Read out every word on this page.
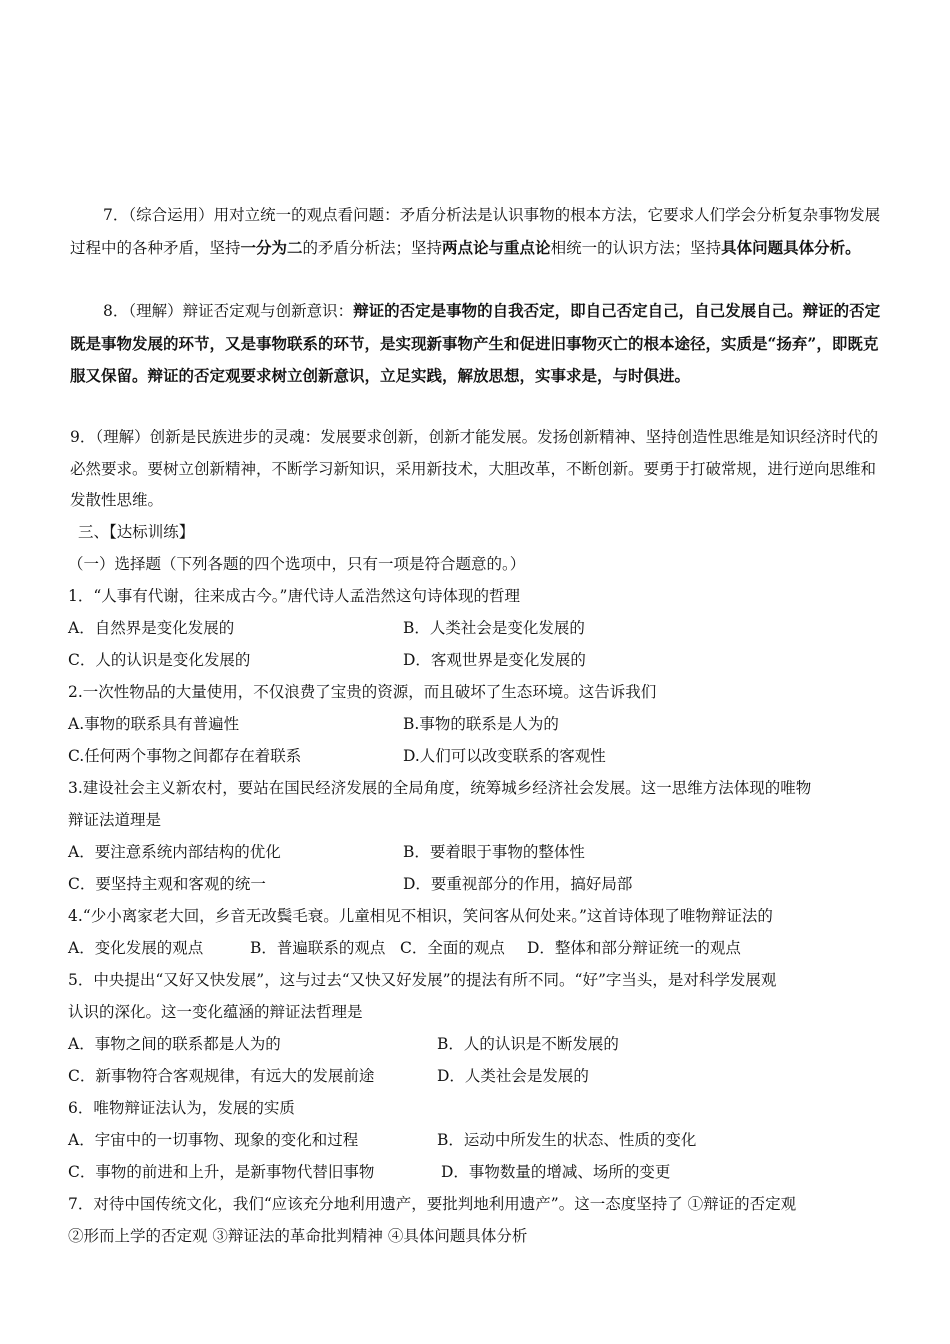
7．（综合运用）用对立统一的观点看问题：矛盾分析法是认识事物的根本方法，它要求人们学会分析复杂事物发展过程中的各种矛盾，坚持一分为二的矛盾分析法；坚持两点论与重点论相统一的认识方法；坚持具体问题具体分析。

8．（理解）辩证否定观与创新意识：辩证的否定是事物的自我否定，即自己否定自己，自己发展自己。辩证的否定既是事物发展的环节，又是事物联系的环节，是实现新事物产生和促进旧事物灭亡的根本途径，实质是“扬弃”，即既克服又保留。辩证的否定观要求树立创新意识，立足实践，解放思想，实事求是，与时俱进。

9．（理解）创新是民族进步的灵魂：发展要求创新，创新才能发展。发扬创新精神、坚持创造性思维是知识经济时代的必然要求。要树立创新精神，不断学习新知识，采用新技术，大胆改革，不断创新。要勇于打破常规，进行逆向思维和发散性思维。

三、【达标训练】
（一）选择题（下列各题的四个选项中，只有一项是符合题意的。）
1．“人事有代谢，往来成古今。”唐代诗人孟浩然这句诗体现的哲理
A．自然界是变化发展的	B．人类社会是变化发展的
C．人的认识是变化发展的	D．客观世界是变化发展的
2.一次性物品的大量使用，不仅浪费了宝贵的资源，而且破坏了生态环境。这告诉我们
A.事物的联系具有普遍性	B.事物的联系是人为的
C.任何两个事物之间都存在着联系	D.人们可以改变联系的客观性
3.建设社会主义新农村，要站在国民经济发展的全局角度，统筹城乡经济社会发展。这一思维方法体现的唯物
辩证法道理是
A．要注意系统内部结构的优化	B．要着眼于事物的整体性
C．要坚持主观和客观的统一	D．要重视部分的作用，搞好局部
4.“少小离家老大回，乡音无改鬓毛衰。儿童相见不相识，笑问客从何处来。”这首诗体现了唯物辩证法的
A．变化发展的观点	B．普遍联系的观点 C．全面的观点 D．整体和部分辩证统一的观点
5．中央提出“又好又快发展”，这与过去“又快又好发展”的提法有所不同。“好”字当头，是对科学发展观
认识的深化。这一变化蕴涵的辩证法哲理是
A．事物之间的联系都是人为的	B．人的认识是不断发展的
C．新事物符合客观规律，有远大的发展前途	D．人类社会是发展的
6．唯物辩证法认为，发展的实质
A．宇宙中的一切事物、现象的变化和过程	B．运动中所发生的状态、性质的变化
C．事物的前进和上升，是新事物代替旧事物	D．事物数量的增减、场所的变更
7．对待中国传统文化，我们“应该充分地利用遗产，要批判地利用遗产”。这一态度坚持了 ①辩证的否定观
②形而上学的否定观 ③辩证法的革命批判精神 ④具体问题具体分析
